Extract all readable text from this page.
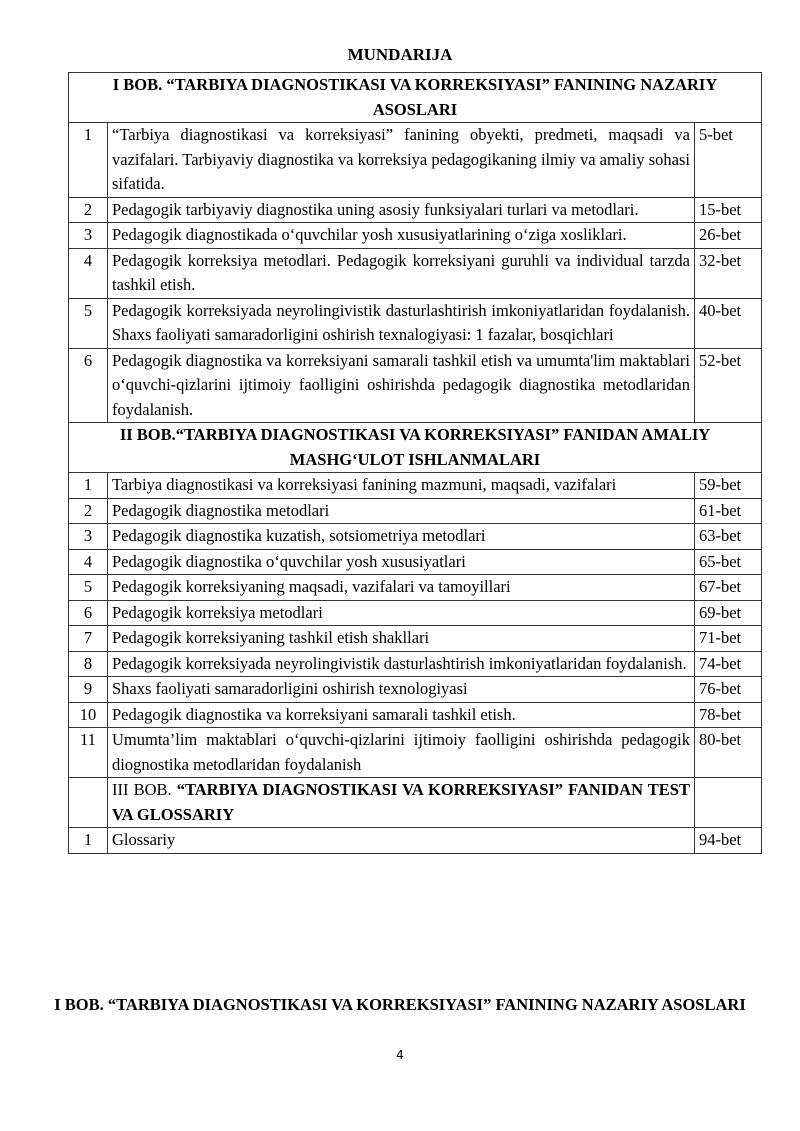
MUNDARIJA
I BOB. “TARBIYA DIAGNOSTIKASI VA KORREKSIYASI” FANINING NAZARIY ASOSLARI		
1	“Tarbiya diagnostikasi va korreksiyasi” fanining obyekti, predmeti, maqsadi va vazifalari. Tarbiyaviy diagnostika va korreksiya pedagogikaning ilmiy va amaliy sohasi sifatida.	5-bet
2	Pedagogik tarbiyaviy diagnostika uning asosiy funksiyalari turlari va metodlari.	15-bet
3	Pedagogik diagnostikada o‘quvchilar yosh xususiyatlarining o‘ziga xosliklari.	26-bet
4	Pedagogik korreksiya metodlari. Pedagogik korreksiyani guruhli va individual tarzda tashkil etish.	32-bet
5	Pedagogik korreksiyada neyrolingivistik dasturlashtirish imkoniyatlaridan foydalanish. Shaxs faoliyati samaradorligini oshirish texnalogiyasi: 1 fazalar, bosqichlari	40-bet
6	Pedagogik diagnostika va korreksiyani samarali tashkil etish va umumta'lim maktablari o‘quvchi-qizlarini ijtimoiy faolligini oshirishda pedagogik diagnostika metodlaridan foydalanish.	52-bet
II BOB.“TARBIYA DIAGNOSTIKASI VA KORREKSIYASI” FANIDAN AMALIY MASHG‘ULOT ISHLANMALARI		
1	Tarbiya diagnostikasi va korreksiyasi fanining mazmuni, maqsadi, vazifalari	59-bet
2	Pedagogik diagnostika metodlari	61-bet
3	Pedagogik diagnostika kuzatish, sotsiometriya metodlari	63-bet
4	Pedagogik diagnostika o‘quvchilar yosh xususiyatlari	65-bet
5	Pedagogik korreksiyaning maqsadi, vazifalari va tamoyillari	67-bet
6	Pedagogik korreksiya metodlari	69-bet
7	Pedagogik korreksiyaning tashkil etish shakllari	71-bet
8	Pedagogik korreksiyada neyrolingivistik dasturlashtirish imkoniyatlaridan foydalanish.	74-bet
9	Shaxs faoliyati samaradorligini oshirish texnologiyasi	76-bet
10	Pedagogik diagnostika va korreksiyani samarali tashkil etish.	78-bet
11	Umumta’lim maktablari o‘quvchi-qizlarini ijtimoiy faolligini oshirishda pedagogik diognostika metodlaridan foydalanish	80-bet
	III BOB. “TARBIYA DIAGNOSTIKASI VA KORREKSIYASI” FANIDAN TEST VA GLOSSARIY	
1	Glossariy	94-bet
I BOB. “TARBIYA DIAGNOSTIKASI VA KORREKSIYASI” FANINING NAZARIY ASOSLARI
4
